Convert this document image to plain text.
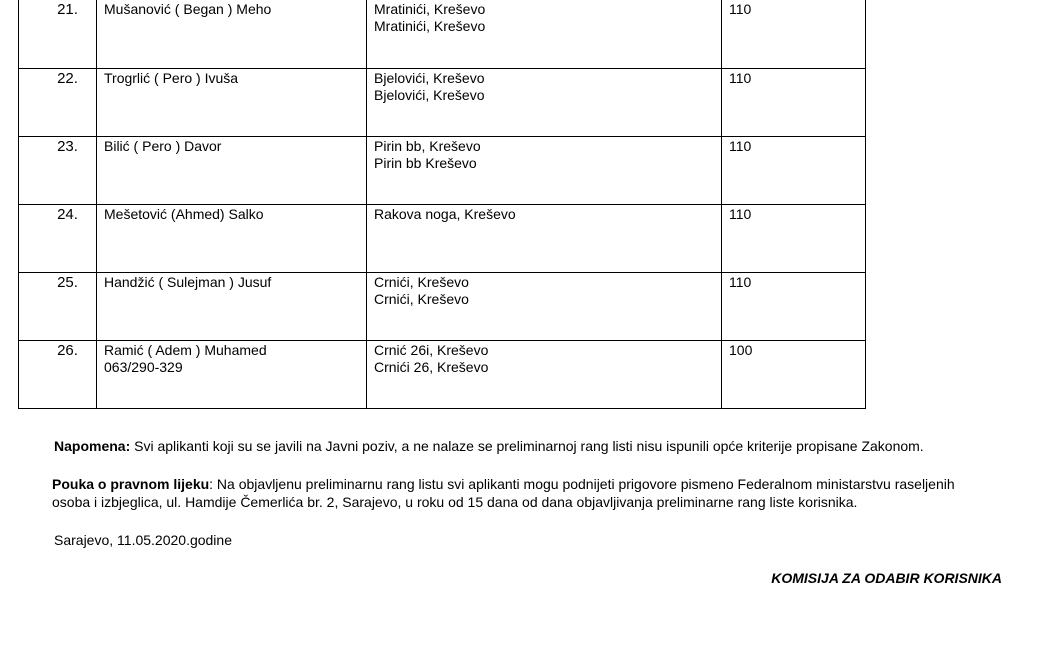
21.	Mušanović ( Began ) Meho	Mratinići, Kreševo
Mratinići, Kreševo	110

22.	Trogrlić ( Pero ) Ivuša	Bjelovići, Kreševo
Bjelovići, Kreševo	110

23.	Bilić ( Pero ) Davor	Pirin bb, Kreševo
Pirin bb Kreševo	110

24.	Mešetović (Ahmed) Salko	Rakova noga, Kreševo	110

25.	Handžić ( Sulejman ) Jusuf	Crnići, Kreševo
Crnići, Kreševo	110

26.	Ramić ( Adem ) Muhamed
063/290-329	Crnić 26i, Kreševo
Crnići 26, Kreševo	100
Napomena: Svi aplikanti koji su se javili na Javni poziv, a ne nalaze se preliminarnoj rang listi nisu ispunili opće kriterije propisane Zakonom.
Pouka o pravnom lijeku: Na objavljenu preliminarnu rang listu svi aplikanti mogu podnijeti prigovore pismeno Federalnom ministarstvu raseljenih
osoba i izbjeglica, ul. Hamdije Čemerlića br. 2, Sarajevo, u roku od 15 dana od dana objavljivanja preliminarne rang liste korisnika.
Sarajevo, 11.05.2020.godine
KOMISIJA ZA ODABIR KORISNIKA
